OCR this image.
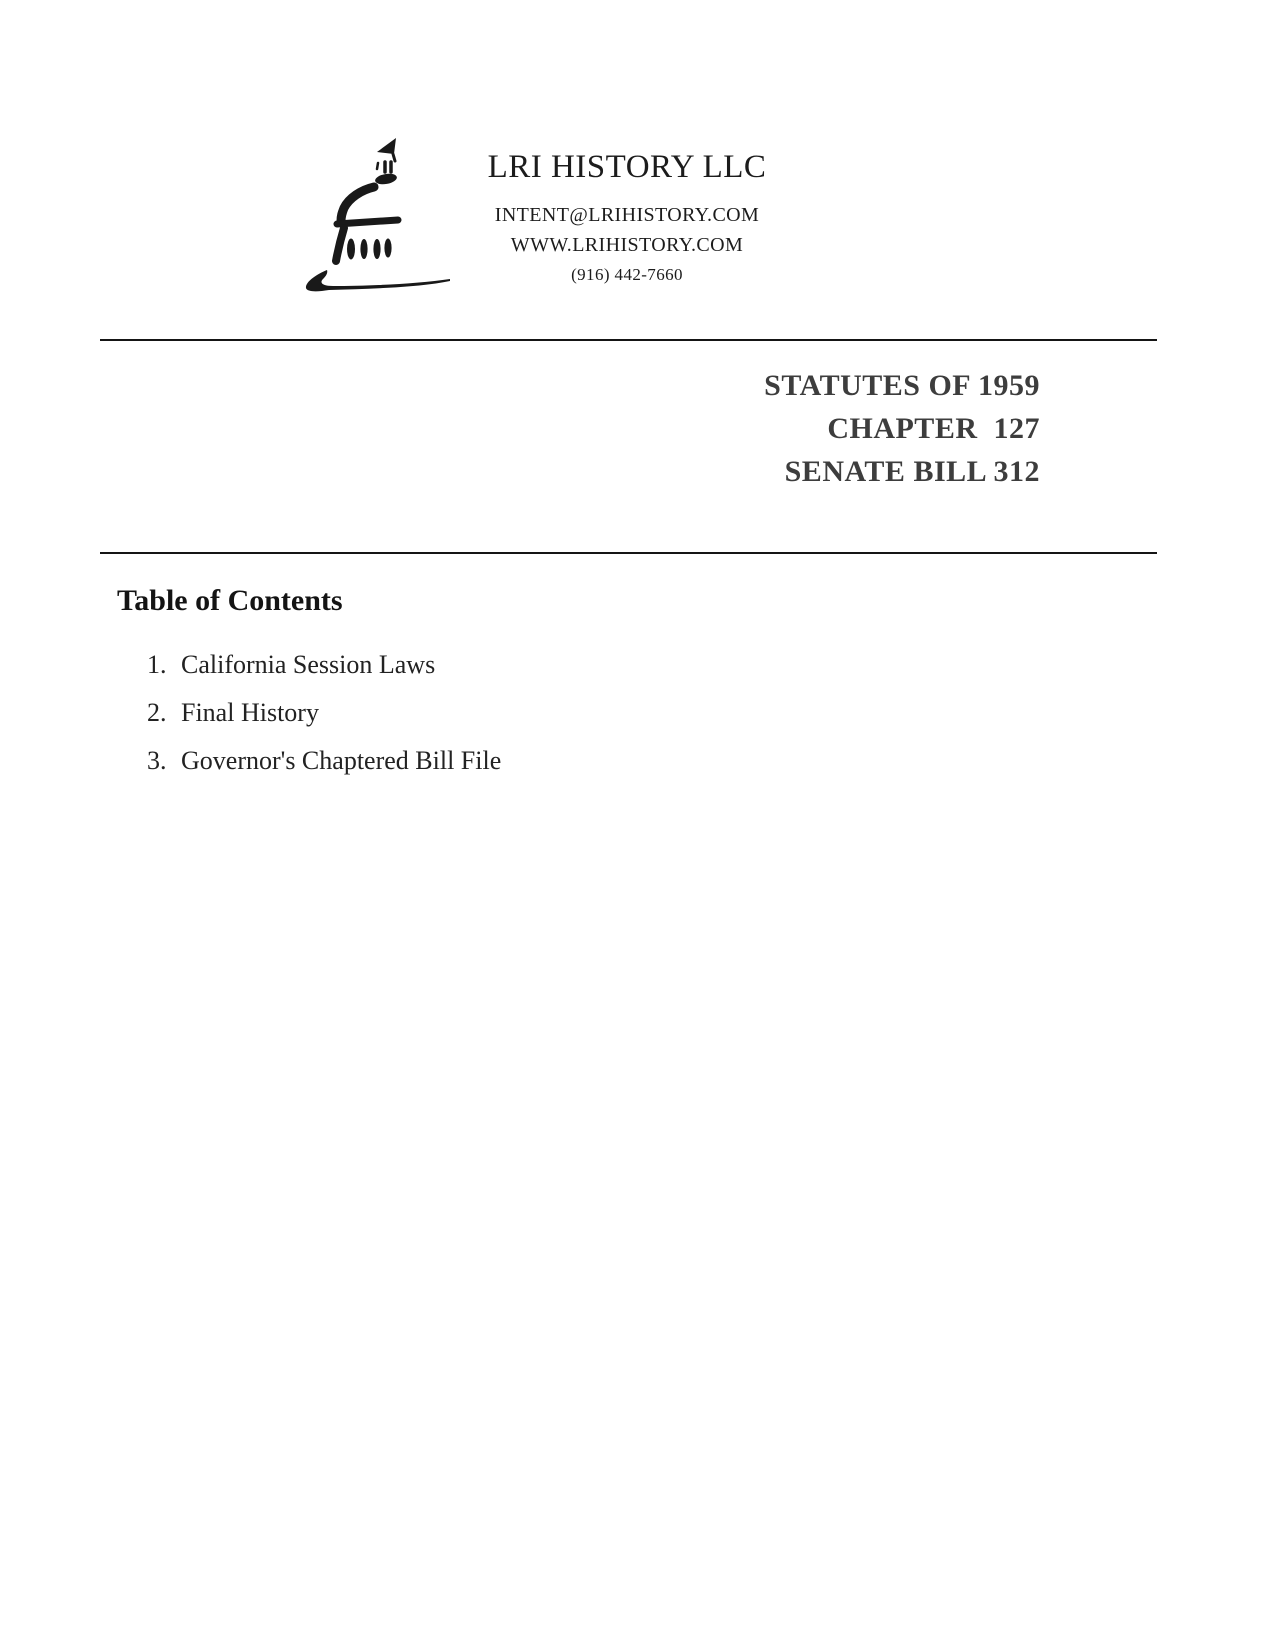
LRI HISTORY LLC
INTENT@LRIHISTORY.COM
WWW.LRIHISTORY.COM
(916) 442-7660
STATUTES OF 1959
CHAPTER  127
SENATE BILL 312
Table of Contents
1. California Session Laws
2. Final History
3. Governor's Chaptered Bill File
